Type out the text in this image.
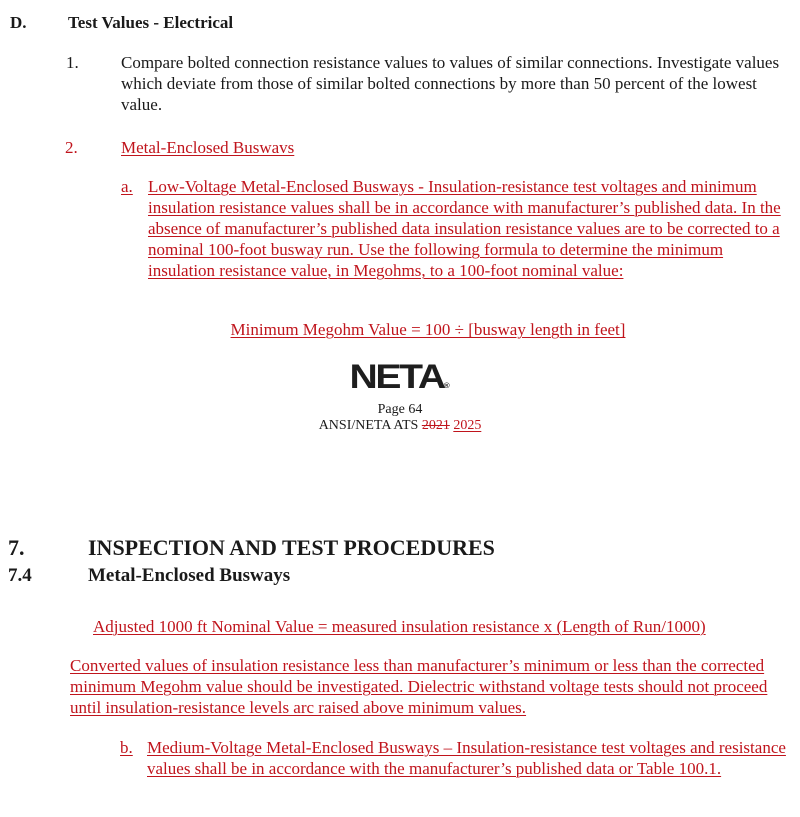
D. Test Values - Electrical
1. Compare bolted connection resistance values to values of similar connections. Investigate values which deviate from those of similar bolted connections by more than 50 percent of the lowest value.
2.	Metal-Enclosed Buswavs
a. Low-Voltage Metal-Enclosed Busways - Insulation-resistance test voltages and minimum insulation resistance values shall be in accordance with manufacturer’s published data. In the absence of manufacturer’s published data insulation resistance values are to be corrected to a nominal 100-foot busway run. Use the following formula to determine the minimum insulation resistance value, in Megohms, to a 100-foot nominal value:
Minimum Megohm Value = 100 ÷ [busway length in feet]
NETA®
Page 64
ANSI/NETA ATS 2021 2025
7.	INSPECTION AND TEST PROCEDURES
7.4	Metal-Enclosed Busways
Adjusted 1000 ft Nominal Value = measured insulation resistance x (Length of Run/1000)
Converted values of insulation resistance less than manufacturer’s minimum or less than the corrected minimum Megohm value should be investigated. Dielectric withstand voltage tests should not proceed until insulation-resistance levels arc raised above minimum values.
b. Medium-Voltage Metal-Enclosed Busways – Insulation-resistance test voltages and resistance values shall be in accordance with the manufacturer’s published data or Table 100.1.
